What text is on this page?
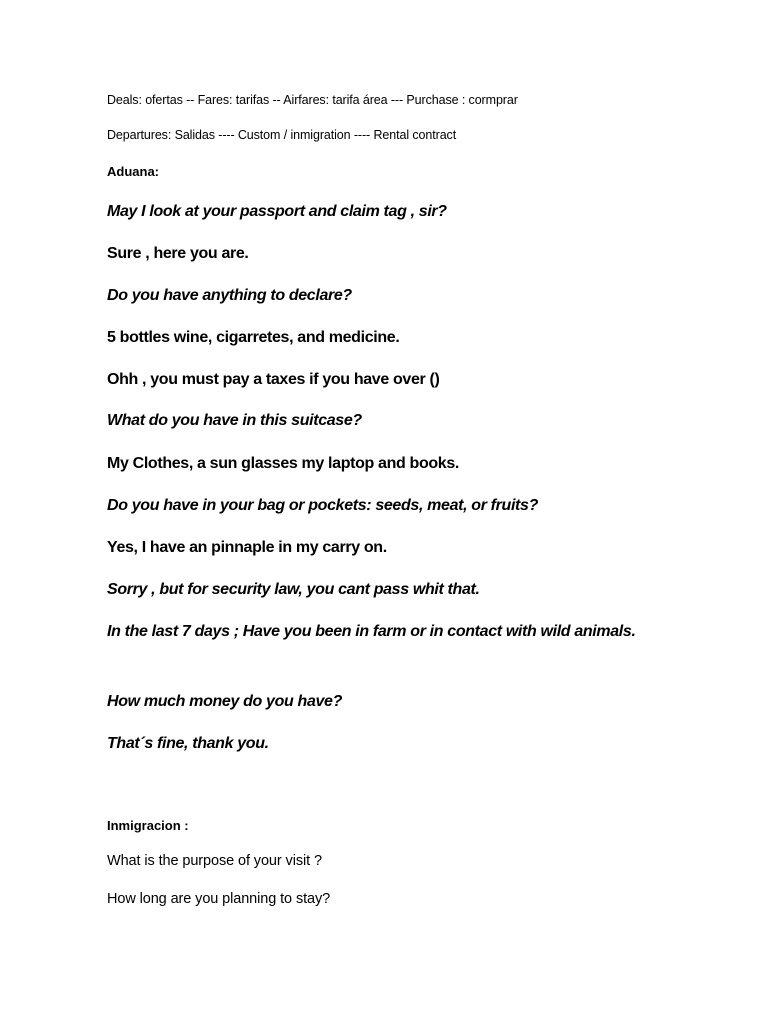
Deals: ofertas -- Fares: tarifas -- Airfares: tarifa área --- Purchase : cormprar
Departures: Salidas ---- Custom / inmigration ---- Rental contract
Aduana:
May I look at your passport and claim tag , sir?
Sure , here you are.
Do you have anything to declare?
5 bottles wine, cigarretes, and medicine.
Ohh , you must pay a taxes if you have over ()
What do you have in this suitcase?
My Clothes, a sun glasses my laptop and books.
Do you have in your bag or pockets: seeds, meat, or fruits?
Yes, I have an pinnaple in my carry on.
Sorry , but for security law, you cant pass whit that.
In the last 7 days ; Have you been in farm or in contact with wild animals.
How much money do you have?
That´s fine, thank you.
Inmigracion :
What is the purpose of your visit ?
How long are you planning to stay?
